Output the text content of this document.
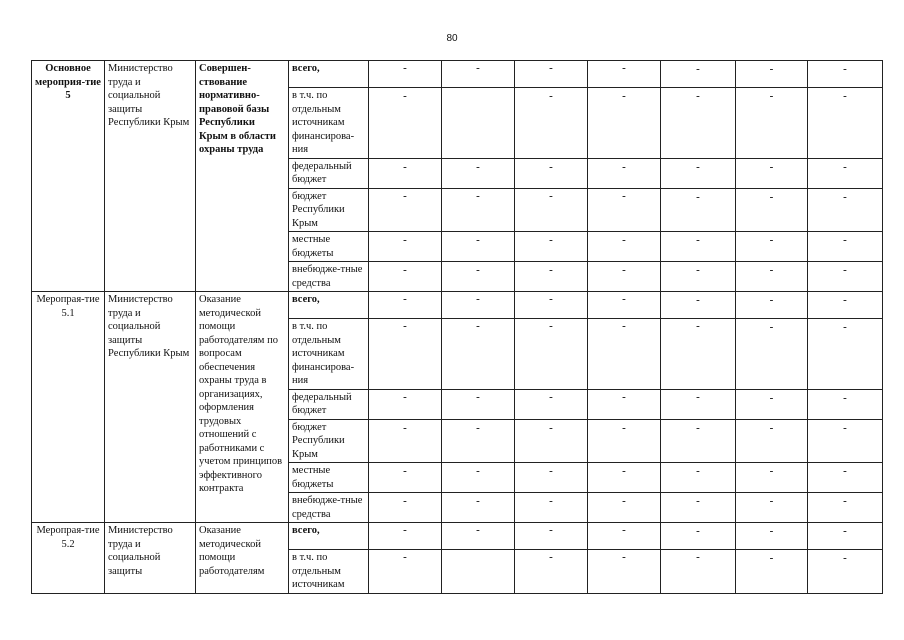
80
Основное мероприя-тие 5	Министерство труда и социальной защиты Республики Крым	Совершен-ствование нормативно-правовой базы Республики Крым в области охраны труда	всего,	-	-	-	-	-	-	-
			в т.ч. по отдельным источникам финансирова-ния	-		-	-	-	-	-
			федеральный бюджет	-	-	-	-	-	-	-
			бюджет Республики Крым	-	-	-	-	-	-	-
			местные бюджеты	-	-	-	-	-	-	-
			внебюдже-тные средства	-	-	-	-	-	-	-
Меропрая-тие 5.1	Министерство труда и социальной защиты Республики Крым	Оказание методической помощи работодателям по вопросам обеспечения охраны труда в организациях, оформления трудовых отношений с работниками с учетом принципов эффективного контракта	всего,	-	-	-	-	-	-	-
			в т.ч. по отдельным источникам финансирова-ния	-	-	-	-	-	-	-
			федеральный бюджет	-	-	-	-	-	-	-
			бюджет Республики Крым	-	-	-	-	-	-	-
			местные бюджеты	-	-	-	-	-	-	-
			внебюдже-тные средства	-	-	-	-	-	-	-
Меропрая-тие 5.2	Министерство труда и социальной защиты	Оказание методической помощи работодателям	всего,	-	-	-	-	-	-	-
			в т.ч. по отдельным источникам	-		-	-	-	-	-
